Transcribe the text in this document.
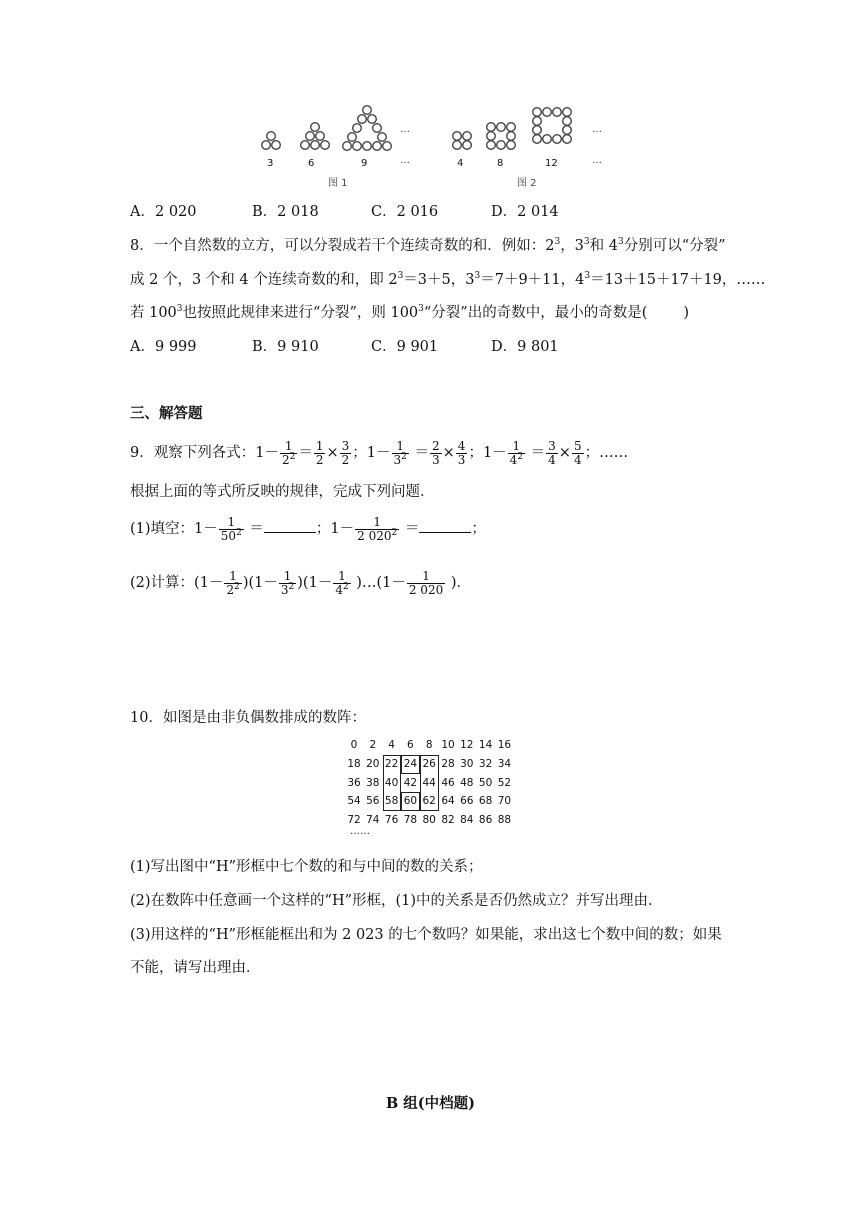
3	6	9
…
…
图 1
4	8	12
…
…
图 2
A．2 020	B．2 018	C．2 016	D．2 014
8．一个自然数的立方，可以分裂成若干个连续奇数的和．例如：$2^3$，$3^3$和 $4^3$分别可以“分裂”
成 2 个，3 个和 4 个连续奇数的和，即 $2^3=3+5$，$3^3=7+9+11$，$4^3=13+15+17+19$，……
若 $100^3$也按照此规律来进行“分裂”，则 $100^3“$分裂”出的奇数中，最小的奇数是( )
A．9 999	B．9 910	C．9 901	D．9 801
三、解答题
9．观察下列各式：$1- \frac{1}{2^2} = \frac{1}{2} \times \frac{3}{2}$ ；$1- \frac{1}{3^2} = \frac{2}{3} \times \frac{4}{3}$ ；$1- \frac{1}{4^2} = \frac{3}{4} \times \frac{5}{4}$ ；……
根据上面的等式所反映的规律，完成下列问题．
(1)填空：$1- \frac{1}{50^2}$ ＝	；$1- \frac{1}{2 020^2}$ ＝	；
(2)计算：$(1- \frac{1}{2^2} )(1- \frac{1}{3^2} )(1- \frac{1}{4^2}$ )…(1－ $\frac{1}{2 020}$ )．
10．如图是由非负偶数排成的数阵：
0	2	4	6	8 10 12 14 16
18 20 22 24 26 28 30 32 34
36 38 40 42 44 46 48 50 52
54 56 58 60 62 64 66 68 70
72 74 76 78 80 82 84 86 88
……
(1)写出图中“H”形框中七个数的和与中间的数的关系；
(2)在数阵中任意画一个这样的“H”形框，(1)中的关系是否仍然成立？并写出理由．
(3)用这样的“H”形框能框出和为 2 023 的七个数吗？如果能，求出这七个数中间的数；如果
不能，请写出理由．
B 组(中档题)
